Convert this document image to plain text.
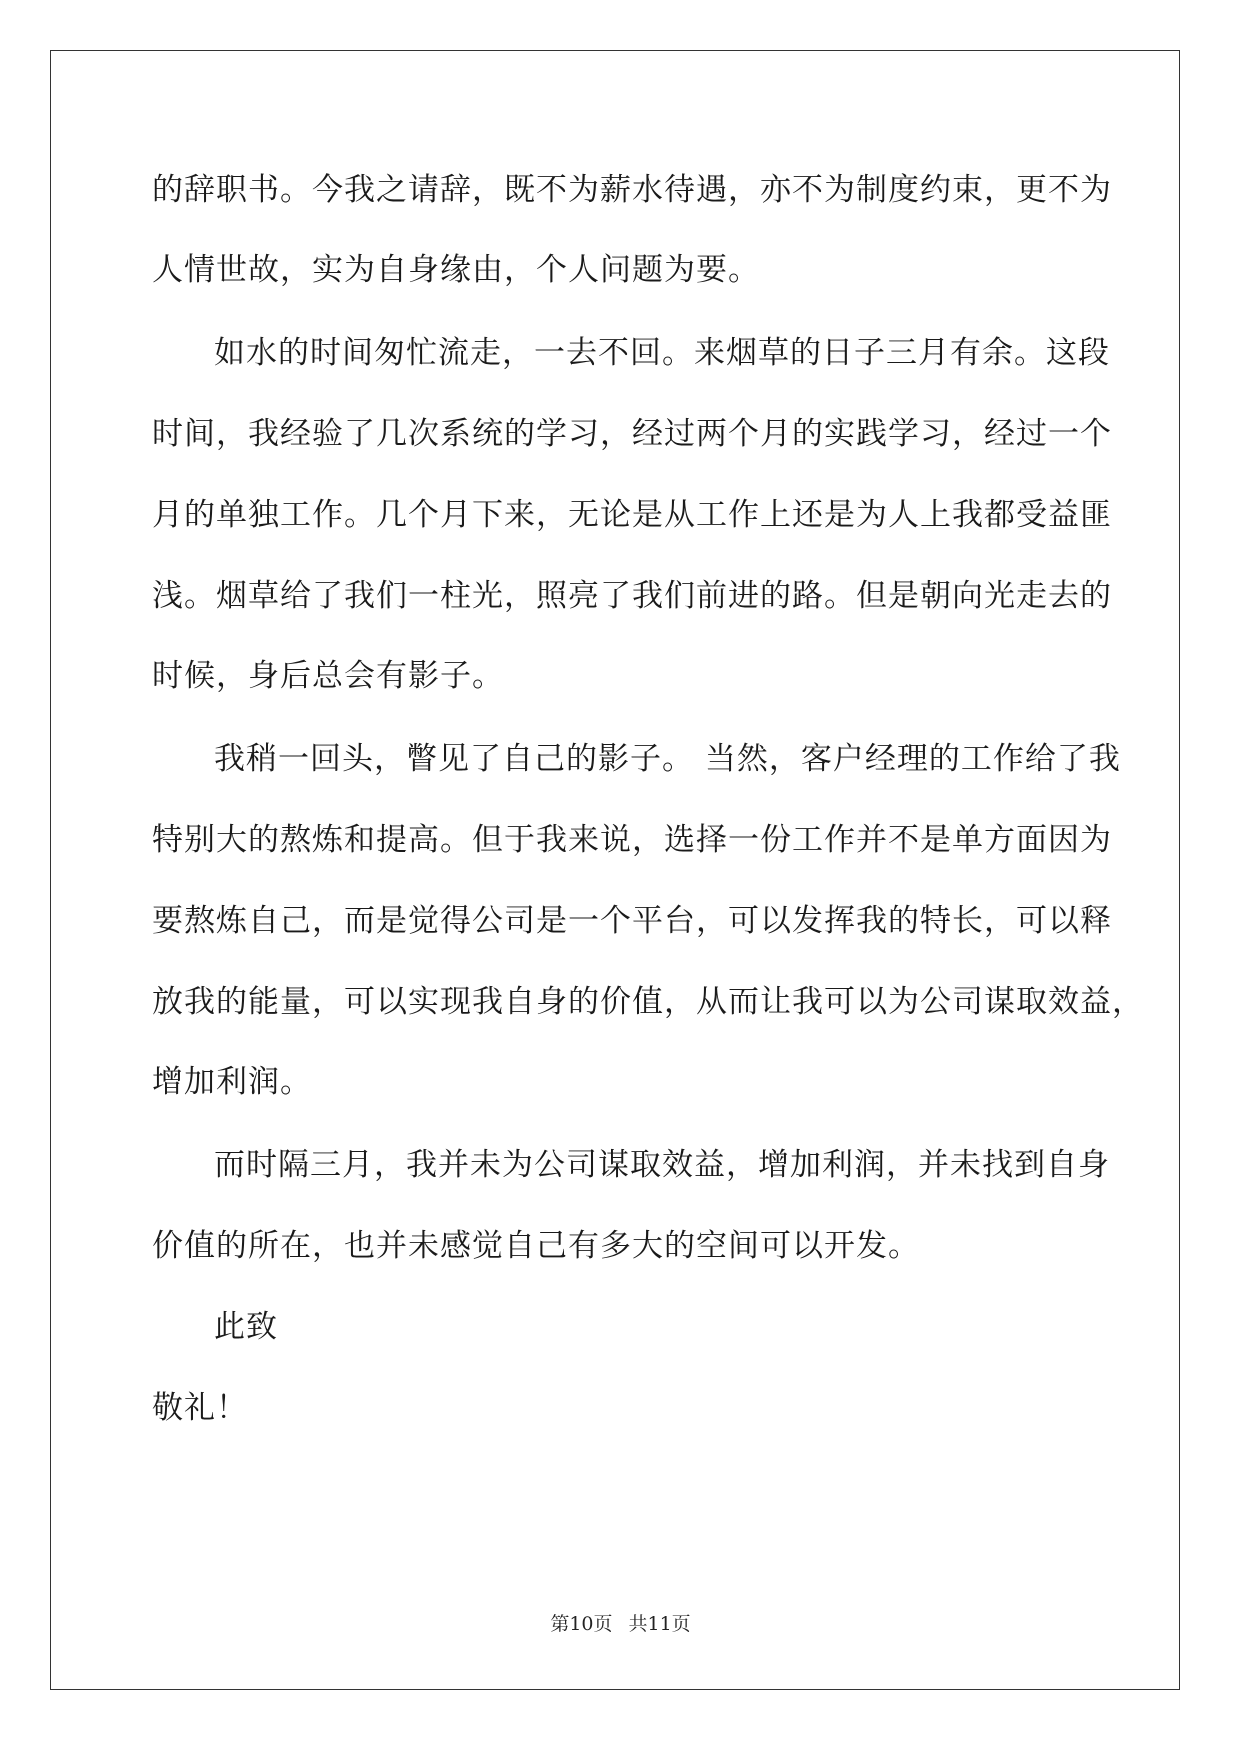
的辞职书。今我之请辞，既不为薪水待遇，亦不为制度约束，更不为
人情世故，实为自身缘由，个人问题为要。
如水的时间匆忙流走，一去不回。来烟草的日子三月有余。这段
时间，我经验了几次系统的学习，经过两个月的实践学习，经过一个
月的单独工作。几个月下来，无论是从工作上还是为人上我都受益匪
浅。烟草给了我们一柱光，照亮了我们前进的路。但是朝向光走去的
时候，身后总会有影子。
我稍一回头，瞥见了自己的影子。 当然，客户经理的工作给了我
特别大的熬炼和提高。但于我来说，选择一份工作并不是单方面因为
要熬炼自己，而是觉得公司是一个平台，可以发挥我的特长，可以释
放我的能量，可以实现我自身的价值，从而让我可以为公司谋取效益，
增加利润。
而时隔三月，我并未为公司谋取效益，增加利润，并未找到自身
价值的所在，也并未感觉自己有多大的空间可以开发。
此致
敬礼！
第10页 共11页
